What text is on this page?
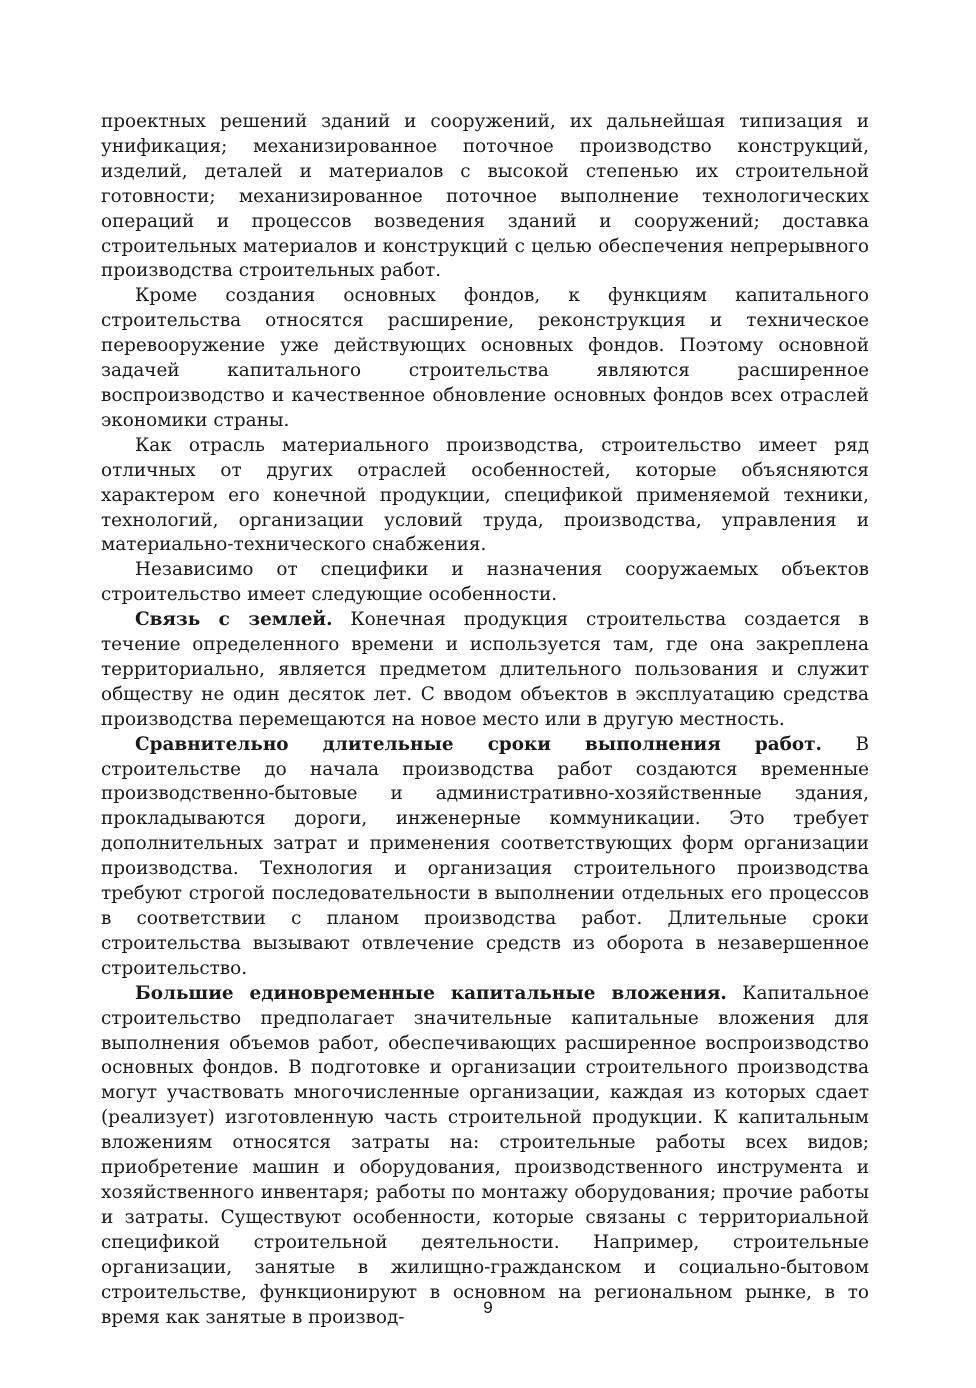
проектных решений зданий и сооружений, их дальнейшая типизация и унификация; механизированное поточное производство конструкций, изделий, деталей и материалов с высокой степенью их строительной готовности; механизированное поточное выполнение технологических операций и процессов возведения зданий и сооружений; доставка строительных материалов и конструкций с целью обеспечения непрерывного производства строительных работ.

Кроме создания основных фондов, к функциям капитального строительства относятся расширение, реконструкция и техническое перевооружение уже действующих основных фондов. Поэтому основной задачей капитального строительства являются расширенное воспроизводство и качественное обновление основных фондов всех отраслей экономики страны.

Как отрасль материального производства, строительство имеет ряд отличных от других отраслей особенностей, которые объясняются характером его конечной продукции, спецификой применяемой техники, технологий, организации условий труда, производства, управления и материально-технического снабжения.

Независимо от специфики и назначения сооружаемых объектов строительство имеет следующие особенности.

Связь с землей. Конечная продукция строительства создается в течение определенного времени и используется там, где она закреплена территориально, является предметом длительного пользования и служит обществу не один десяток лет. С вводом объектов в эксплуатацию средства производства перемещаются на новое место или в другую местность.

Сравнительно длительные сроки выполнения работ. В строительстве до начала производства работ создаются временные производственно-бытовые и административно-хозяйственные здания, прокладываются дороги, инженерные коммуникации. Это требует дополнительных затрат и применения соответствующих форм организации производства. Технология и организация строительного производства требуют строгой последовательности в выполнении отдельных его процессов в соответствии с планом производства работ. Длительные сроки строительства вызывают отвлечение средств из оборота в незавершенное строительство.

Большие единовременные капитальные вложения. Капитальное строительство предполагает значительные капитальные вложения для выполнения объемов работ, обеспечивающих расширенное воспроизводство основных фондов. В подготовке и организации строительного производства могут участвовать многочисленные организации, каждая из которых сдает (реализует) изготовленную часть строительной продукции. К капитальным вложениям относятся затраты на: строительные работы всех видов; приобретение машин и оборудования, производственного инструмента и хозяйственного инвентаря; работы по монтажу оборудования; прочие работы и затраты. Существуют особенности, которые связаны с территориальной спецификой строительной деятельности. Например, строительные организации, занятые в жилищно-гражданском и социально-бытовом строительстве, функционируют в основном на региональном рынке, в то время как занятые в производ-	9
